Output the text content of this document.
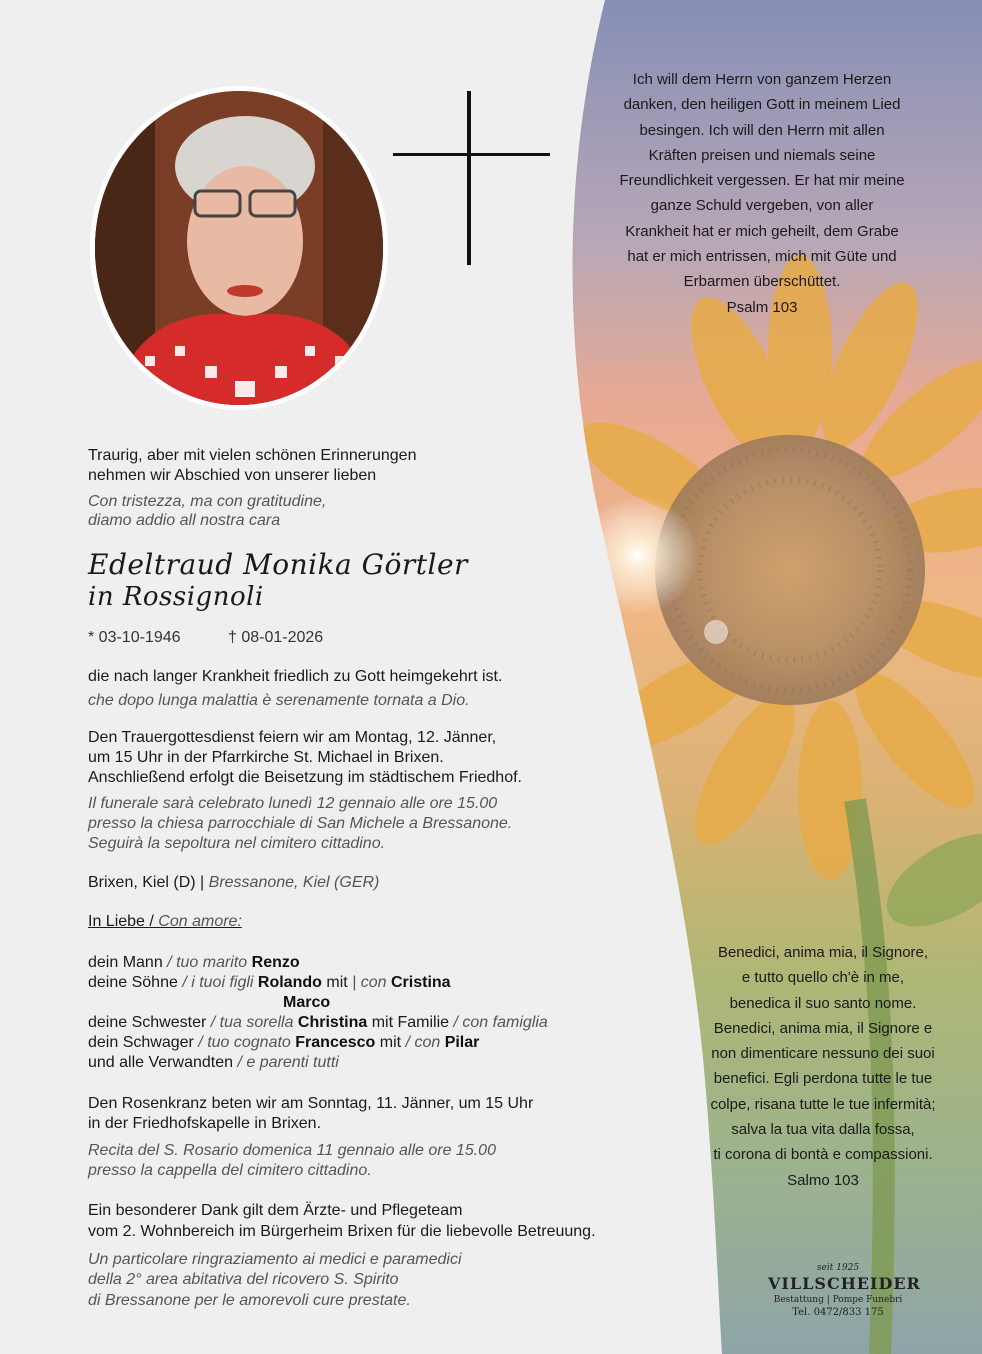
Traurig, aber mit vielen schönen Erinnerungen

nehmen wir Abschied von unserer lieben

Con tristezza, ma con gratitudine,

diamo addio all nostra cara

Edeltraud Monika Görtler
in Rossignoli

* 03-10-1946	† 08-01-2026

die nach langer Krankheit friedlich zu Gott heimgekehrt ist.

che dopo lunga malattia è serenamente tornata a Dio.

Den Trauergottesdienst feiern wir am Montag, 12. Jänner,

um 15 Uhr in der Pfarrkirche St. Michael in Brixen.

Anschließend erfolgt die Beisetzung im städtischem Friedhof.

Il funerale sarà celebrato lunedì 12 gennaio alle ore 15.00

presso la chiesa parrocchiale di San Michele a Bressanone.

Seguirà la sepoltura nel cimitero cittadino.

Brixen, Kiel (D) | Bressanone, Kiel (GER)

In Liebe / Con amore:

dein Mann / tuo marito Renzo

deine Söhne / i tuoi figli Rolando mit | con Cristina

Marco

deine Schwester / tua sorella Christina mit Familie / con famiglia

dein Schwager / tuo cognato Francesco mit / con Pilar

und alle Verwandten / e parenti tutti

Den Rosenkranz beten wir am Sonntag, 11. Jänner, um 15 Uhr

in der Friedhofskapelle in Brixen.

Recita del S. Rosario domenica 11 gennaio alle ore 15.00

presso la cappella del cimitero cittadino.

Ein besonderer Dank gilt dem Ärzte- und Pflegeteam

vom 2. Wohnbereich im Bürgerheim Brixen für die liebevolle Betreuung.

Un particolare ringraziamento ai medici e paramedici

della 2° area abitativa del ricovero S. Spirito

di Bressanone per le amorevoli cure prestate.

Ich will dem Herrn von ganzem Herzen
danken, den heiligen Gott in meinem Lied
besingen. Ich will den Herrn mit allen
Kräften preisen und niemals seine
Freundlichkeit vergessen. Er hat mir meine
ganze Schuld vergeben, von aller
Krankheit hat er mich geheilt, dem Grabe
hat er mich entrissen, mich mit Güte und
Erbarmen überschüttet.
Psalm 103
Benedici, anima mia, il Signore,
e tutto quello ch'è in me,
benedica il suo santo nome.
Benedici, anima mia, il Signore e
non dimenticare nessuno dei suoi
benefici. Egli perdona tutte le tue
colpe, risana tutte le tue infermità;
salva la tua vita dalla fossa,
ti corona di bontà e compassioni.
Salmo 103
seit 1925
VILLSCHEIDER
Bestattung | Pompe Funebri
Tel. 0472/833 175
